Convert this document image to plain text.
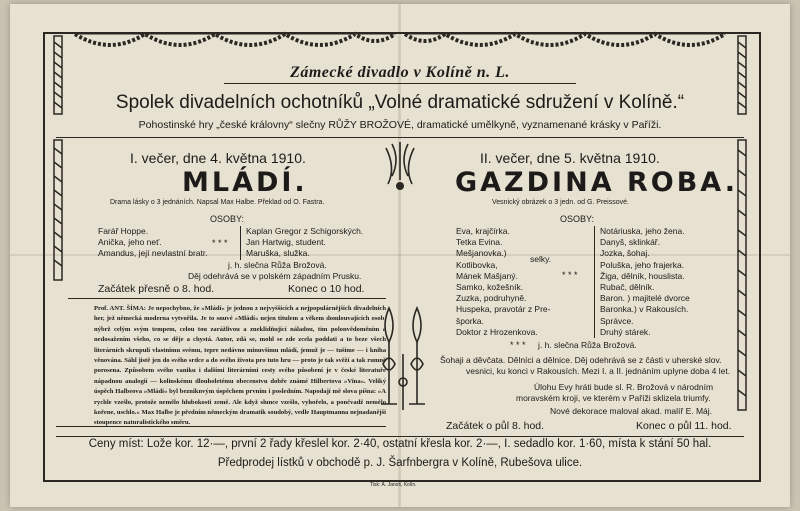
Zámecké divadlo v Kolíně n. L.
Spolek divadelních ochotníků „Volné dramatické sdružení v Kolíně.“
Pohostinské hry „české královny“ slečny RŮŽY BROŽOVÉ, dramatické umělkyně, vyznamenané krásky v Paříži.
I. večer, dne 4. května 1910.
MLÁDÍ.
Drama lásky o 3 jednáních. Napsal Max Halbe. Překlad od O. Fastra.
OSOBY:
Farář Hoppe.
Anička, jeho neť.
Amandus, její nevlastní bratr.
* * *
Kaplan Gregor z Schigorských.
Jan Hartwig, student.
Maruška, služka.
j. h. slečna Růža Brožová.
Děj odehrává se v polském západním Prusku.
Začátek přesně o 8. hod.	Konec o 10 hod.
Prof. ANT. ŠÍMA: Je nepochybno, že »Mládí« je jednou z nejvyššících a nejpopulárnějších divadelních her, jež německá moderna vytvořila. Je to snuvé »Mládí« nejen titulem a věkem domlouvajících osob, nýbrž celým svým tempem, celou tou zarážlivou a zneklidňující náladou, tím polonvědoměním a nedosažením všeho, co se děje a chystá. Autor, zdá se, mohl se zde zcela poddati a to beze všech literárních skrupulí vlastnímu svému, tepre nedávno minuvšímu mládí, jemuž je — tušíme — i kniha věnována. Sáhl jistě jen do svého srdce a do svého života pro tuto hru — proto je tak svěží a tak rumně porosena. Způsobem svého vaniku i dalšími literárními cesty svého působení je v české literatuře nápadnou analogií — kolinskému dlouholetému obecenstvu dobře známé Hilbertova »Vina«. Veliký úspěch Halbeova »Mládí« byl bezniknvým úspěchem prvním i posledním. Napodají mě slova píšna: »A rychle vzešlo, protože nemělo hlubokosti země. Ale když slunce vzešlo, vyhořelo, a pončvadž nemělo kořene, uschlo.« Max Halbe je předním německým dramatik soudobý, vedle Hauptmanna nejnadanějši stoupence naturalistického směru.
II. večer, dne 5. května 1910.
GAZDINA ROBA.
Vesnický obrázek o 3 jedn. od G. Preissové.
OSOBY:
Eva, krajčírka.
Tetka Evina.
Mešjanovka.)
Kotlibovka,
Mánek Mašjaný.
Samko, kožešník.
Zuzka, podruhyně.
Huspeka, pravotár z Pre-
šporka.
Doktor z Hrozenkova.
selky.
* * *
Notáriuska, jeho žena.
Danyš, sklinkář.
Jozka, šohaj.
Poluška, jeho frajerka.
Žiga, dělník, houslista.
Rubač, dělník.
Baron. ) majitelé dvorce
Baronka.) v Rakousích.
Správce.
Druhý stárek.
* * * j. h. slečna Růža Brožová.
Šohaji a děvčata. Dělníci a dělnice. Děj odehrává se z části v uherské slov.
vesnici, ku konci v Rakousích. Mezi I. a II. jednáním uplyne doba 4 let.
Úlohu Evy hráti bude sl. R. Brožová v národním
moravském kroji, ve kterém v Paříži sklizela triumfy.
Nové dekorace maloval akad. malíř E. Máj.
Začátek o půl 8. hod.	Konec o půl 11. hod.
Ceny míst: Lože kor. 12·—, první 2 řady křeslel kor. 2·40, ostatní křesla kor. 2·—, I. sedadlo kor. 1·60, místa k stání 50 hal.
Předprodej lístků v obchodě p. J. Šarfnbergra v Kolíně, Rubešova ulice.
Tisk: A. Janoš, Kolín.
